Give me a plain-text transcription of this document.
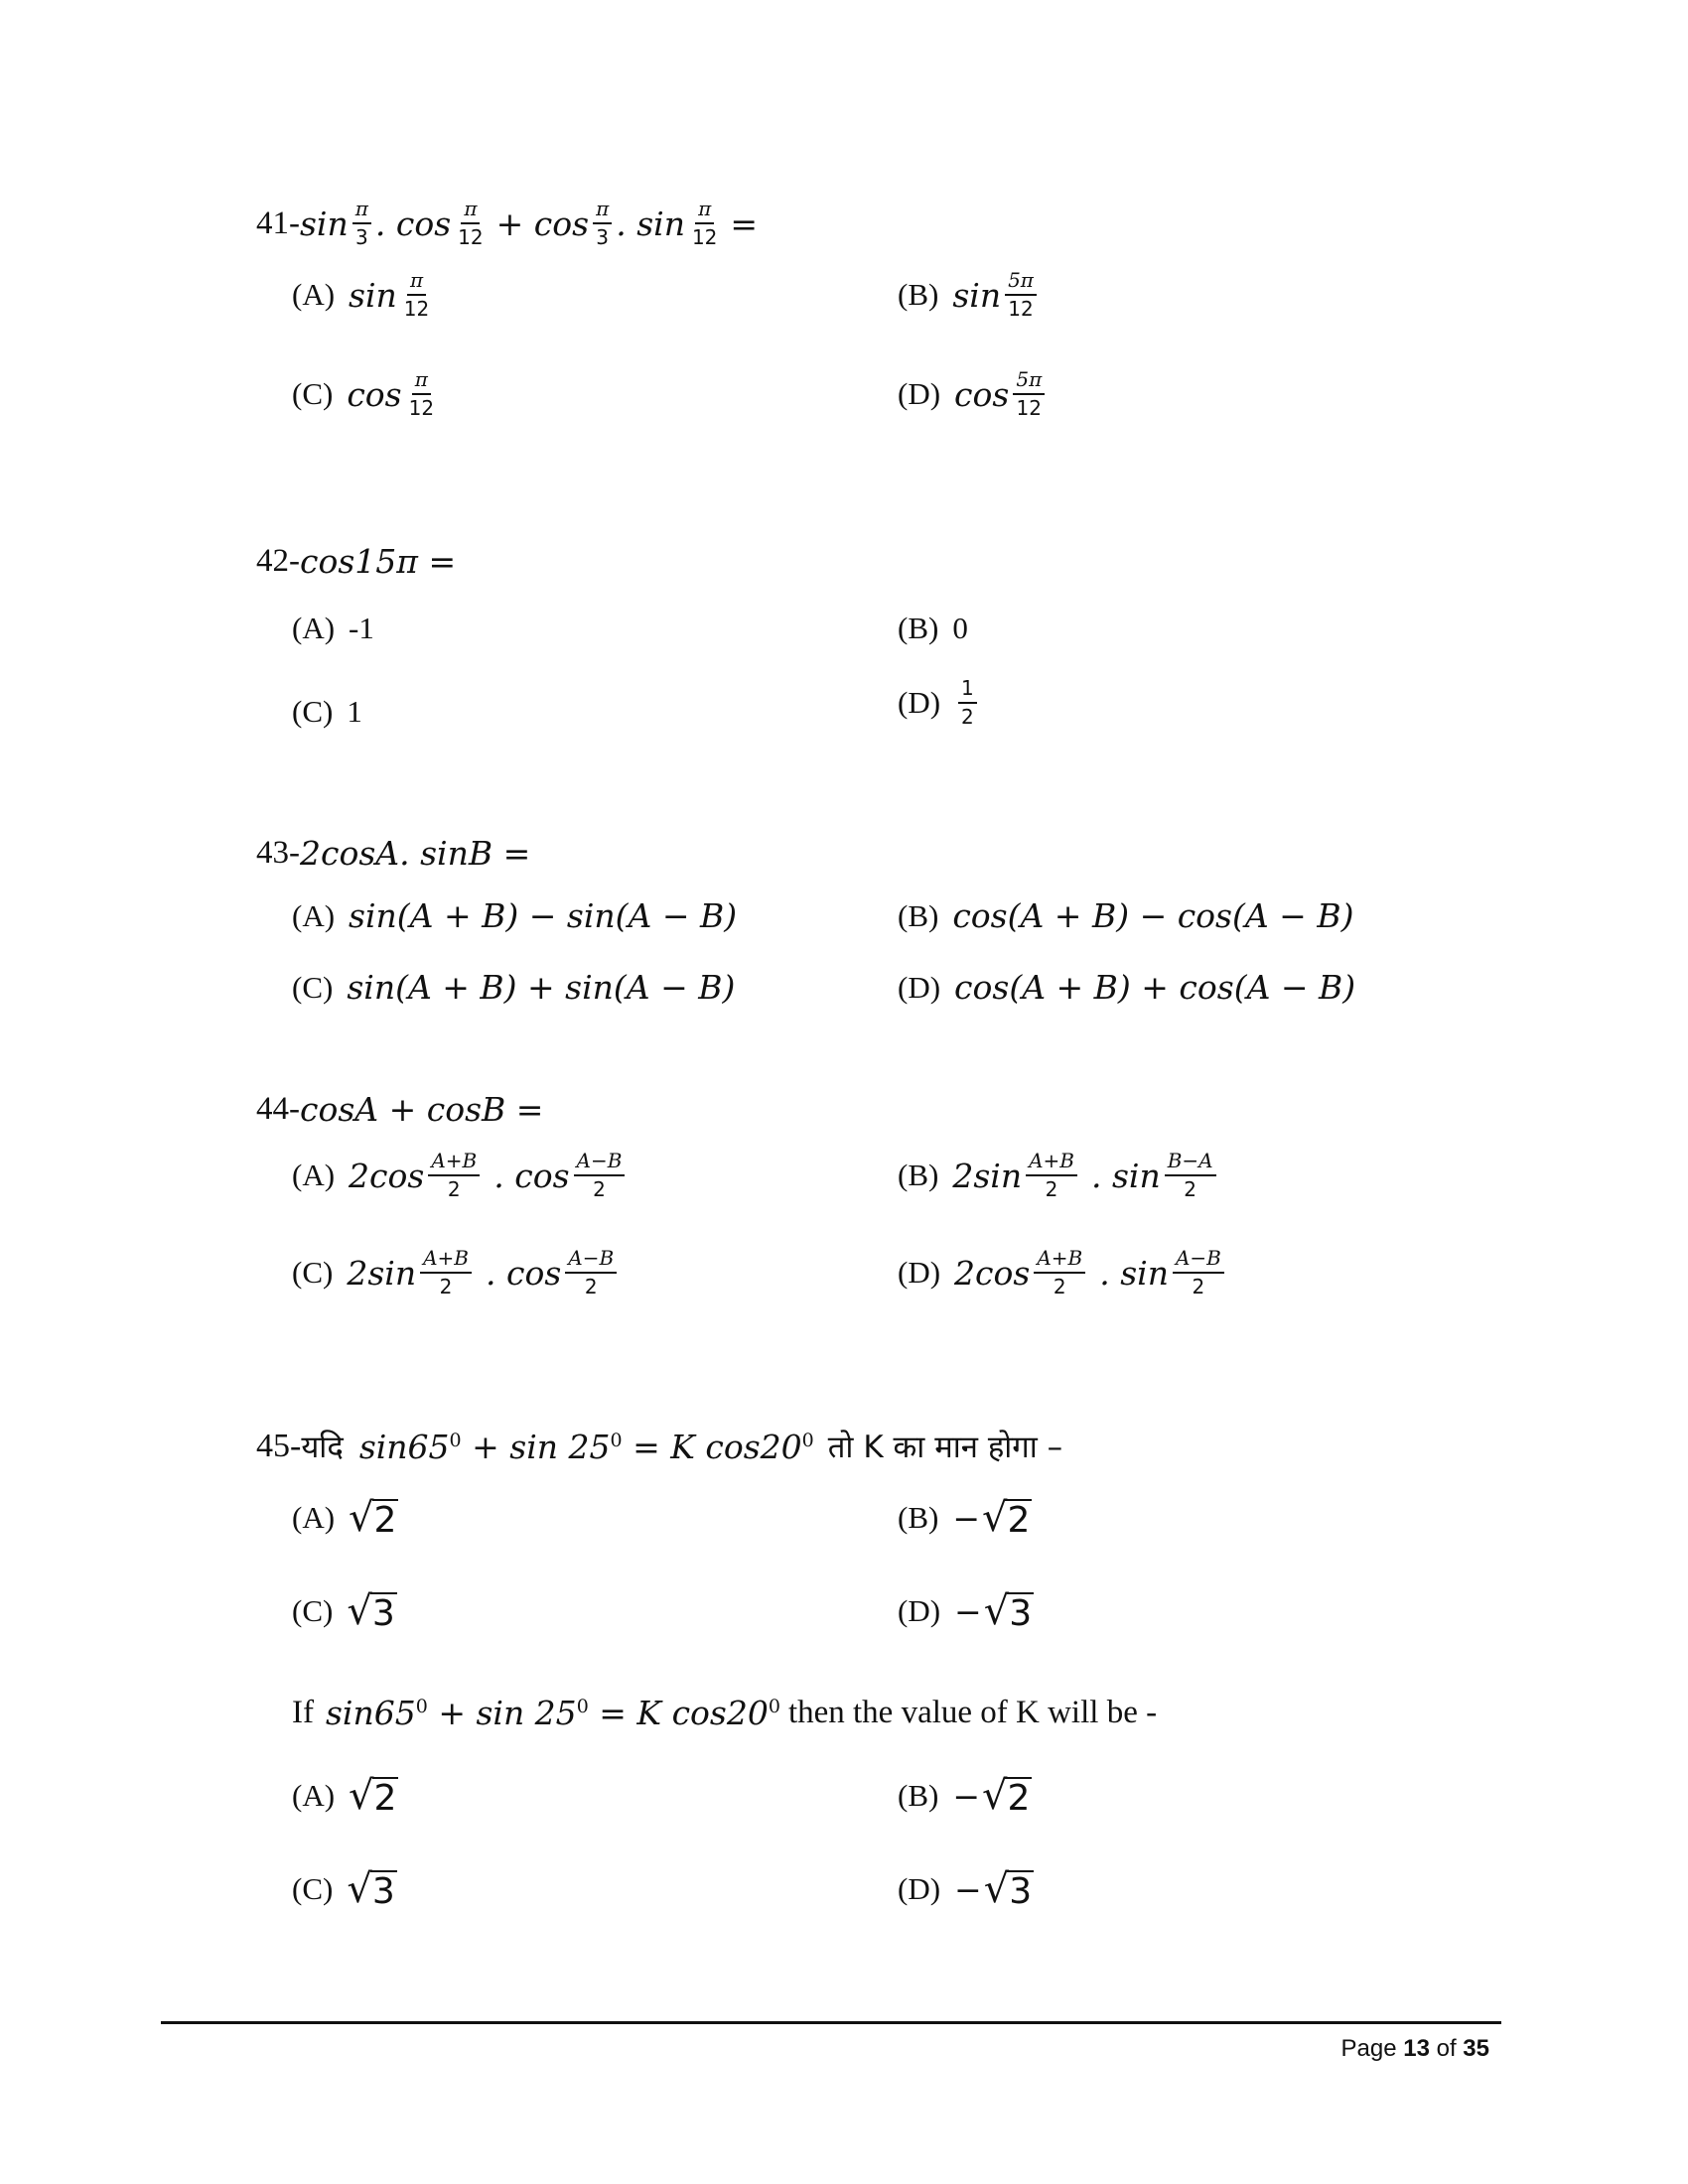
41- $\sin \frac{\pi}{3}$ . $\cos \frac{\pi}{12} + \cos \frac{\pi}{3}$ . $\sin \frac{\pi}{12}$ =
(A) $\sin \frac{\pi}{12}$	(B) $\sin \frac{5\pi}{12}$
(C) $\cos \frac{\pi}{12}$	(D) $\cos \frac{5\pi}{12}$
42- cos15π =
(A) -1	(B) 0
(C) 1	$(D) \frac{1}{2}$
43- 2cosA. sinB =
(A) sin(A + B) − sin(A − B)	(B) cos(A + B) − cos(A − B)
(C) sin(A + B) + sin(A − B)	(D) cos(A + B) + cos(A − B)
44- cosA + cosB =
(A) $2\cos \frac{A+B}{2}$ . $\cos \frac{A-B}{2}$	(B) $2\sin \frac{A+B}{2}$ . $\sin \frac{B-A}{2}$
(C) $2\sin \frac{A+B}{2}$ . $\cos \frac{A-B}{2}$	(D) $2\cos \frac{A+B}{2}$ . $\sin \frac{A-B}{2}$
45- यदि $\sin 65^0 + \sin 25^0 = K$ $\cos 20^0$ तो K का मान होगा –
(A) √ 2	(B) − √ 2
(C) √ 3	(D) − √ 3
If $\sin 65^0 + \sin 25^0 = K$ $\cos 20^0$ then the value of K will be -
(A) √ 2	(B) − √ 2
(C) √ 3	(D) − √ 3
Page 13 of 35
